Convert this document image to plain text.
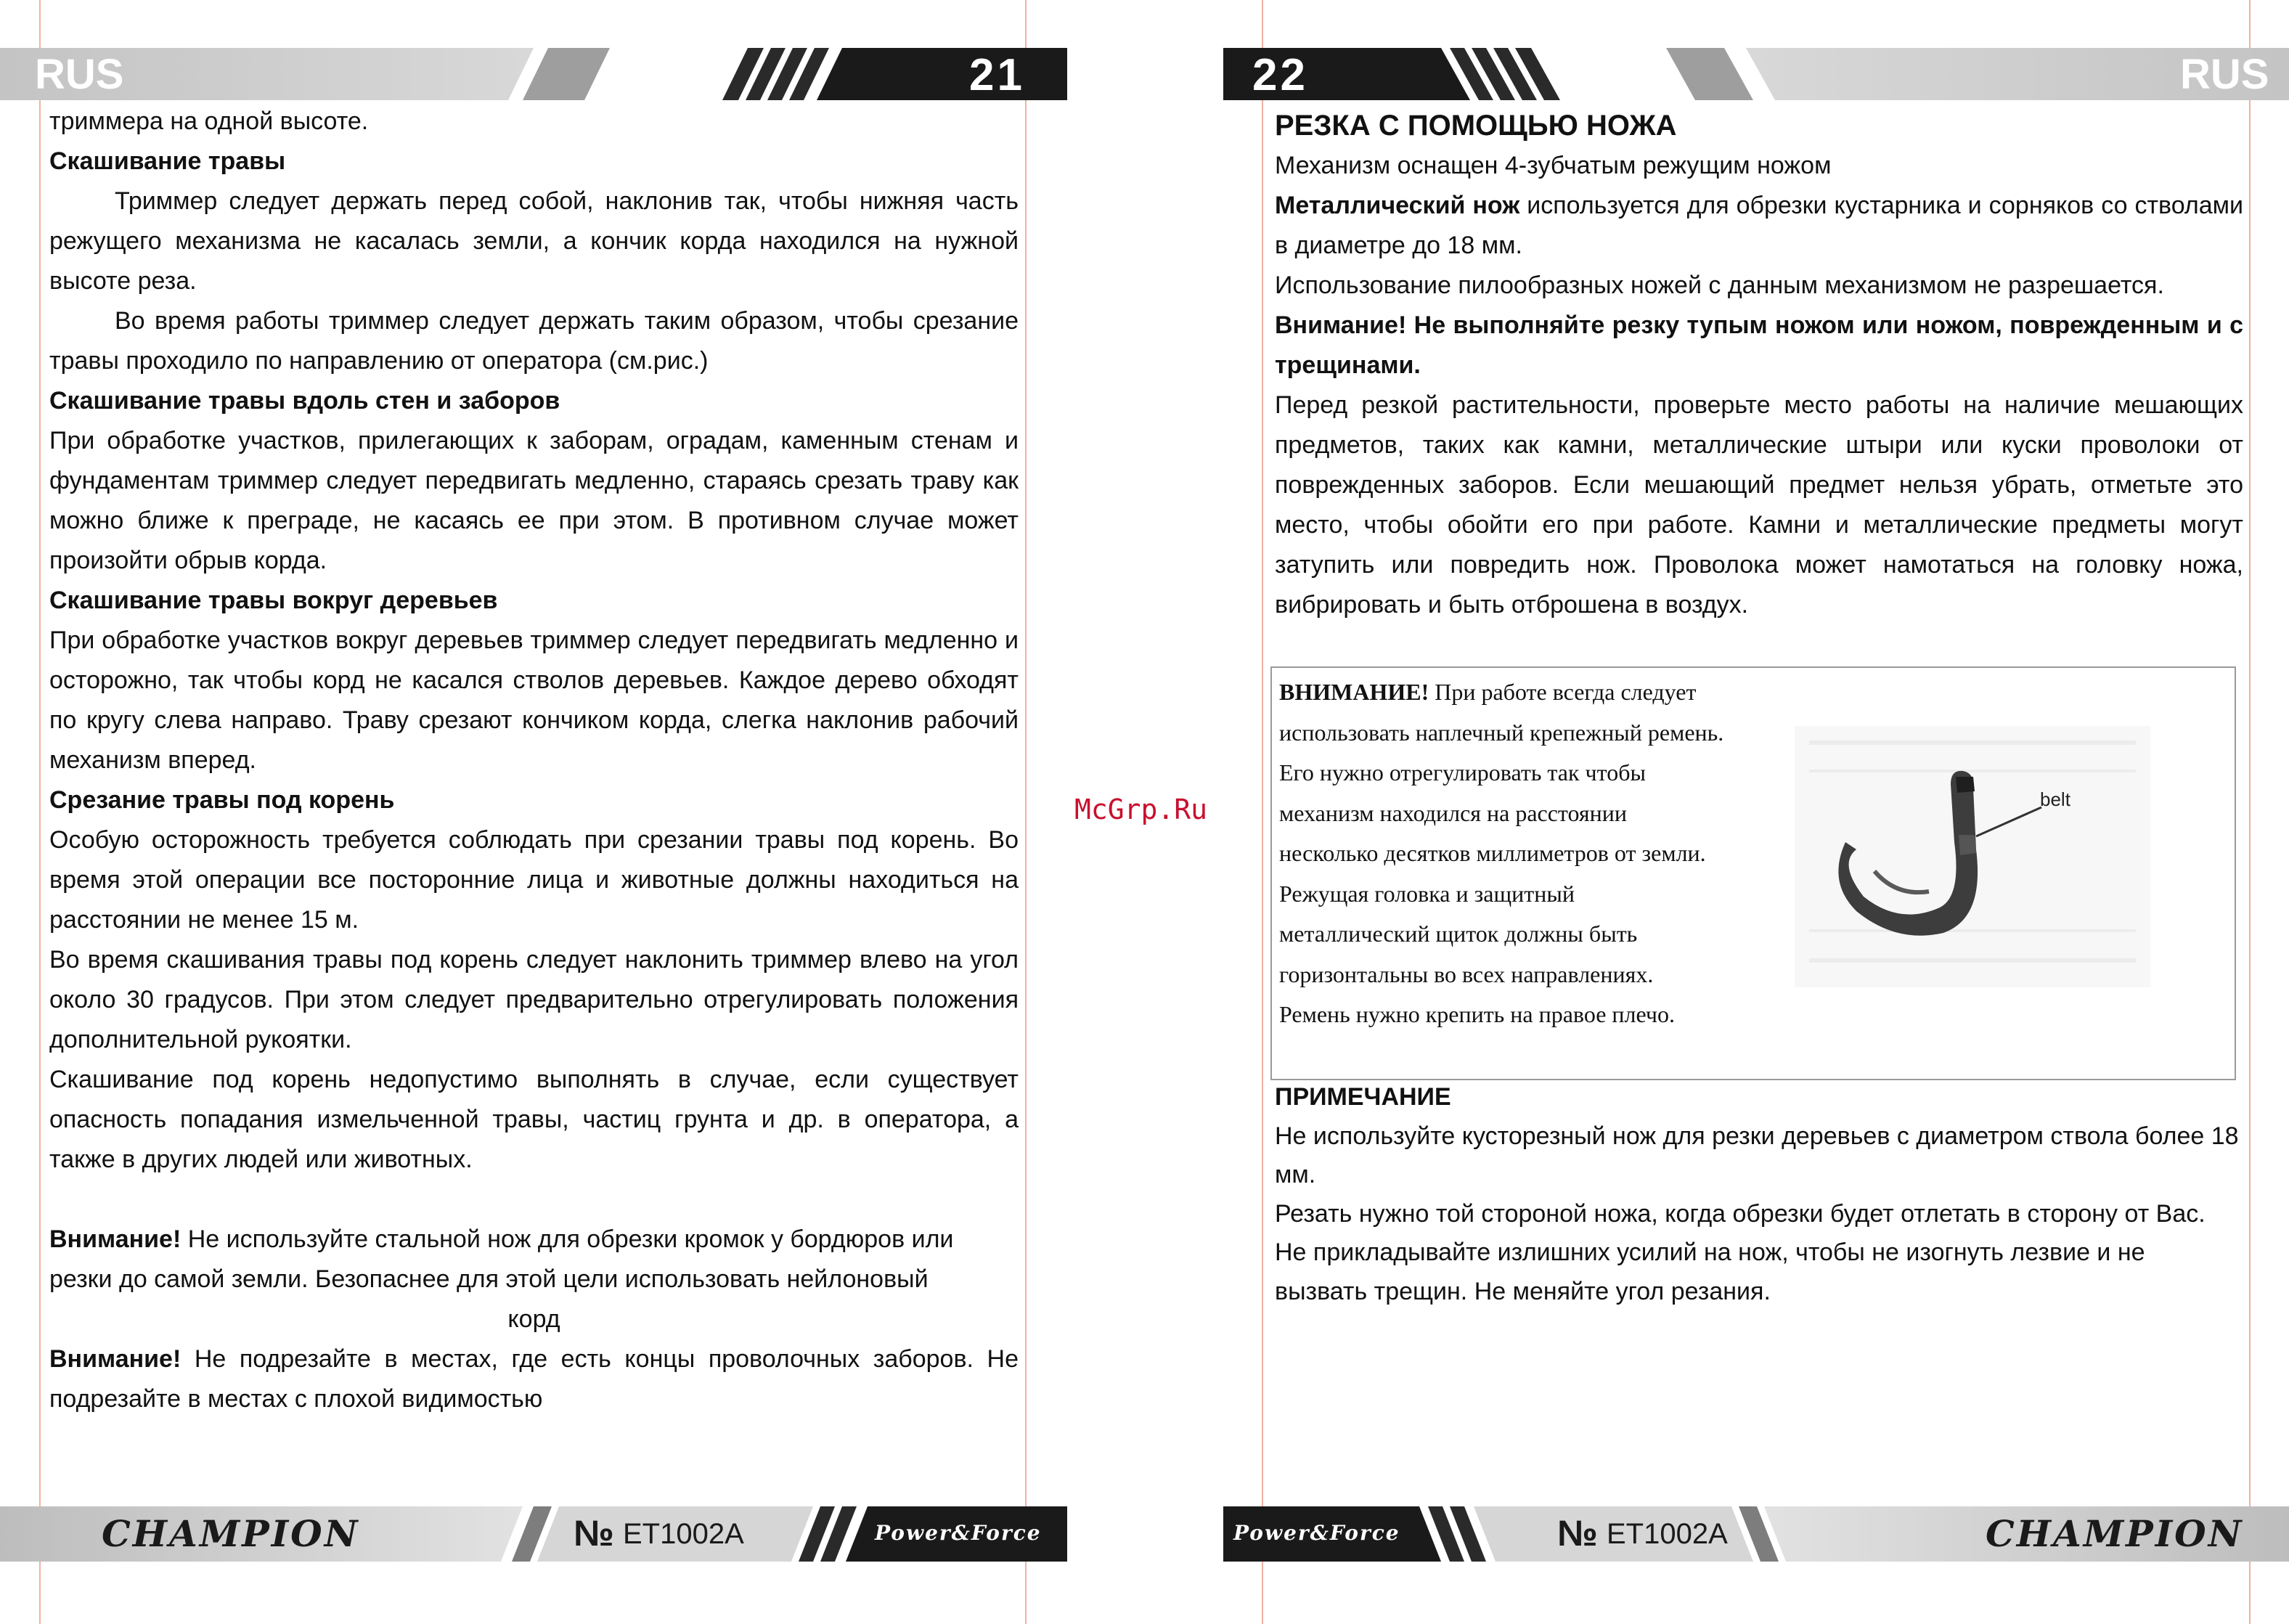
RUS	21

триммера на одной высоте.

Скашивание травы

Триммер следует держать перед собой, наклонив так, чтобы нижняя часть режущего механизма не касалась земли, а кончик корда находился на нужной высоте реза.

Во время работы триммер следует держать таким образом, чтобы срезание травы проходило по направлению от оператора (см.рис.)

Скашивание травы вдоль стен и заборов

При обработке участков, прилегающих к заборам, оградам, каменным стенам и фундаментам триммер следует передвигать медленно, стараясь срезать траву как можно ближе к преграде, не касаясь ее при этом. В противном случае может произойти обрыв корда.

Скашивание травы вокруг деревьев

При обработке участков вокруг деревьев триммер следует передвигать медленно и осторожно, так чтобы корд не касался стволов деревьев. Каждое дерево обходят по кругу слева направо. Траву срезают кончиком корда, слегка наклонив рабочий механизм вперед.

Срезание травы под корень

Особую осторожность требуется соблюдать при срезании травы под корень. Во время этой операции все посторонние лица и животные должны находиться на расстоянии не менее 15 м.

Во время скашивания травы под корень следует наклонить триммер влево на угол около 30 градусов. При этом следует предварительно отрегулировать положения дополнительной рукоятки.

Скашивание под корень недопустимо выполнять в случае, если существует опасность попадания измельченной травы, частиц грунта и др. в оператора, а также в других людей или животных.

Внимание! Не используйте стальной нож для обрезки кромок у бордюров или резки до самой земли. Безопаснее для этой цели использовать нейлоновый

корд

Внимание! Не подрезайте в местах, где есть концы проволочных заборов. Не подрезайте в местах с плохой видимостью

CHAMPION	№ ET1002A	Power&Force
McGrp.Ru
22	RUS

РЕЗКА С ПОМОЩЬЮ НОЖА

Механизм оснащен 4-зубчатым режущим ножом

Металлический нож используется для обрезки кустарника и сорняков со стволами в диаметре до 18 мм.

Использование пилообразных ножей с данным механизмом не разрешается.

Внимание! Не выполняйте резку тупым ножом или ножом, поврежденным и с трещинами.

Перед резкой растительности, проверьте место работы на наличие мешающих предметов, таких как камни, металлические штыри или куски проволоки от поврежденных заборов. Если мешающий предмет нельзя убрать, отметьте это место, чтобы обойти его при работе. Камни и металлические предметы могут затупить или повредить нож. Проволока может намотаться на головку ножа, вибрировать и быть отброшена в воздух.

ВНИМАНИЕ! При работе всегда следует использовать наплечный крепежный ремень. Его нужно отрегулировать так чтобы механизм находился на расстоянии несколько десятков миллиметров от земли. Режущая головка и защитный металлический щиток должны быть горизонтальны во всех направлениях. Ремень нужно крепить на правое плечо.
belt

ПРИМЕЧАНИЕ

Не используйте кусторезный нож для резки деревьев с диаметром ствола более 18 мм.

Резать нужно той стороной ножа, когда обрезки будет отлетать в сторону от Вас. Не прикладывайте излишних усилий на нож, чтобы не изогнуть лезвие и не вызвать трещин. Не меняйте угол резания.

Power&Force	№ ET1002A	CHAMPION
